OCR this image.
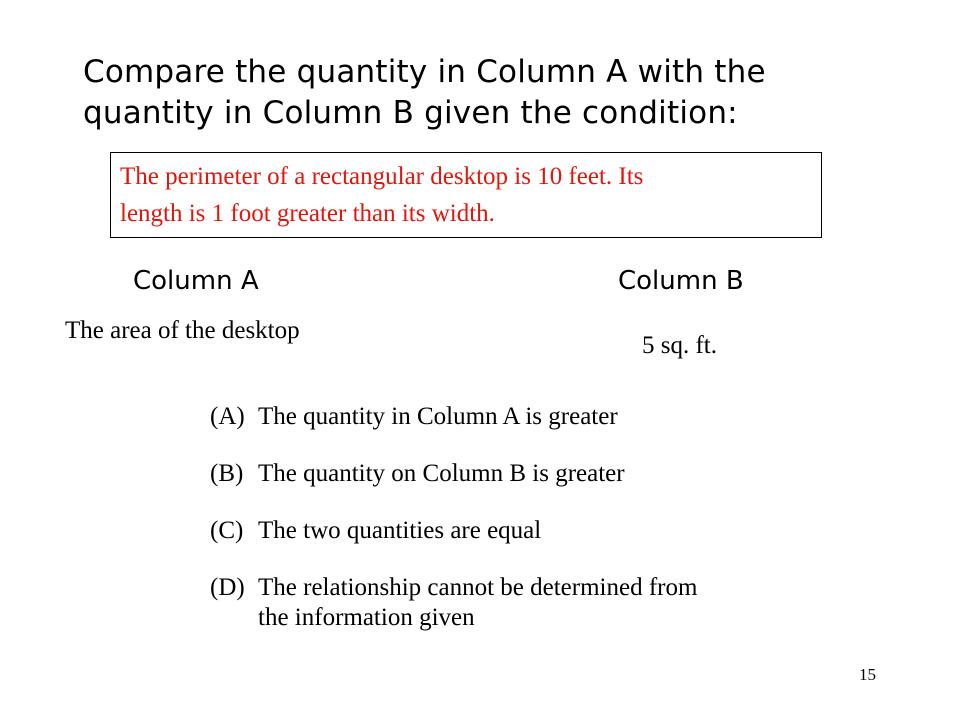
Compare the quantity in Column A with the
quantity in Column B given the condition:
The perimeter of a rectangular desktop is 10 feet. Its
length is 1 foot greater than its width.
Column A	Column B
The area of the desktop
5 sq. ft.
(A) The quantity in Column A is greater
(B) The quantity on Column B is greater
(C) The two quantities are equal
(D) The relationship cannot be determined from
the information given
15
